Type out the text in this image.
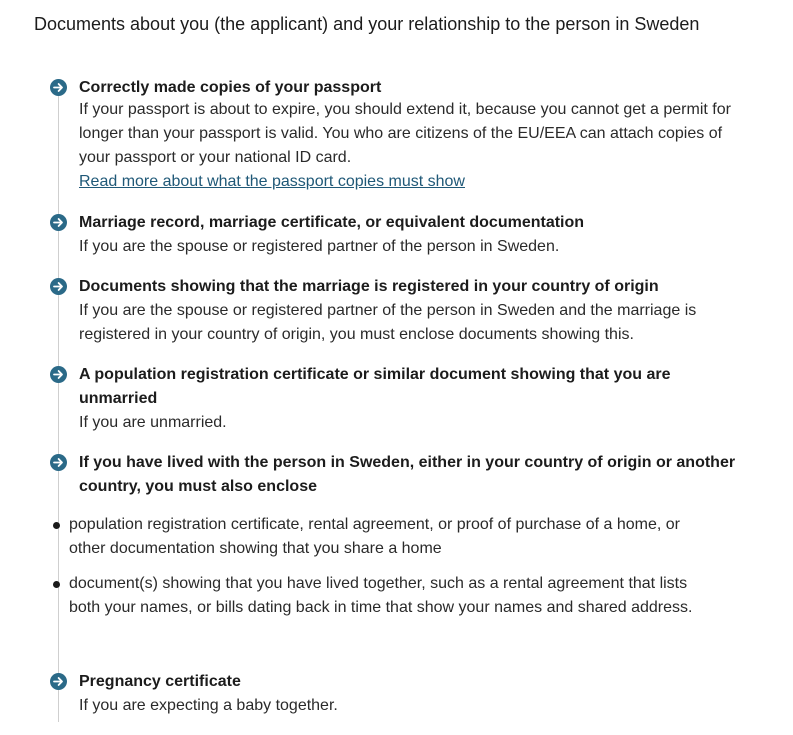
Documents about you (the applicant) and your relationship to the person in Sweden
Correctly made copies of your passport
If your passport is about to expire, you should extend it, because you cannot get a permit for longer than your passport is valid. You who are citizens of the EU/EEA can attach copies of your passport or your national ID card.
Read more about what the passport copies must show
Marriage record, marriage certificate, or equivalent documentation
If you are the spouse or registered partner of the person in Sweden.
Documents showing that the marriage is registered in your country of origin
If you are the spouse or registered partner of the person in Sweden and the marriage is registered in your country of origin, you must enclose documents showing this.
A population registration certificate or similar document showing that you are unmarried
If you are unmarried.
If you have lived with the person in Sweden, either in your country of origin or another country, you must also enclose
population registration certificate, rental agreement, or proof of purchase of a home, or other documentation showing that you share a home
document(s) showing that you have lived together, such as a rental agreement that lists both your names, or bills dating back in time that show your names and shared address.
Pregnancy certificate
If you are expecting a baby together.
